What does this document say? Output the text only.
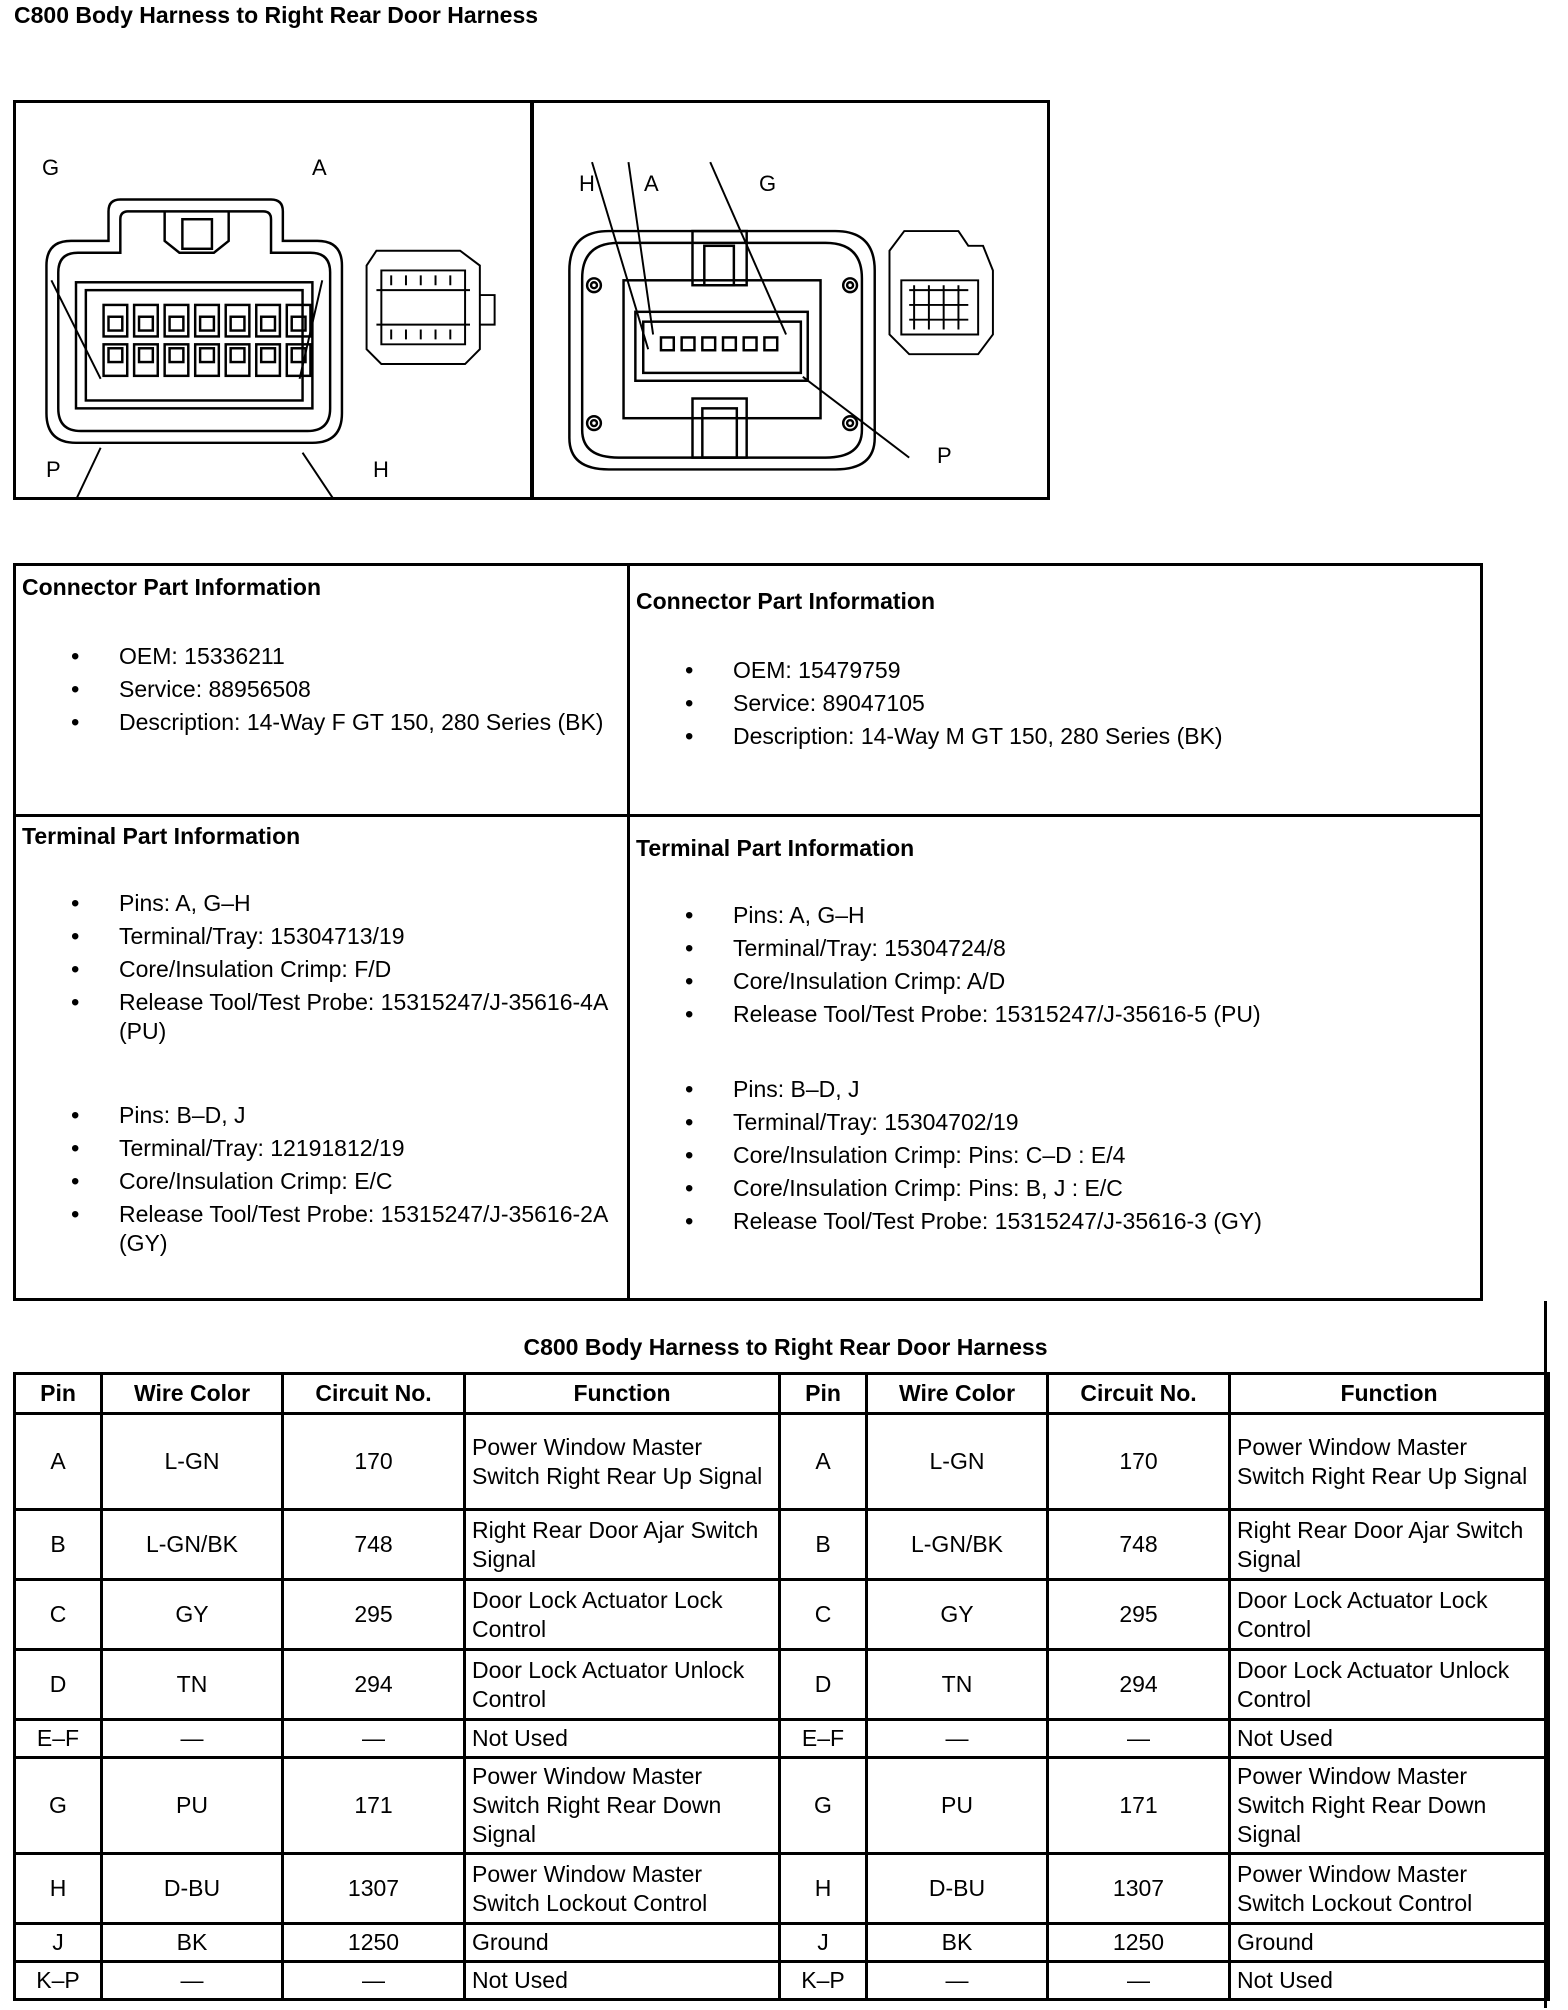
C800 Body Harness to Right Rear Door Harness
G	A
P	H
H A	G
P
Connector Part Information
• OEM: 15336211
• Service: 88956508
• Description: 14-Way F GT 150, 280 Series (BK)
Connector Part Information
• OEM: 15479759
• Service: 89047105
• Description: 14-Way M GT 150, 280 Series (BK)
Terminal Part Information
• Pins: A, G–H
• Terminal/Tray: 15304713/19
• Core/Insulation Crimp: F/D
• Release Tool/Test Probe: 15315247/J-35616-4A (PU)
• Pins: B–D, J
• Terminal/Tray: 12191812/19
• Core/Insulation Crimp: E/C
• Release Tool/Test Probe: 15315247/J-35616-2A (GY)
Terminal Part Information
• Pins: A, G–H
• Terminal/Tray: 15304724/8
• Core/Insulation Crimp: A/D
• Release Tool/Test Probe: 15315247/J-35616-5 (PU)
• Pins: B–D, J
• Terminal/Tray: 15304702/19
• Core/Insulation Crimp: Pins: C–D : E/4
• Core/Insulation Crimp: Pins: B, J : E/C
• Release Tool/Test Probe: 15315247/J-35616-3 (GY)
C800 Body Harness to Right Rear Door Harness
Pin	Wire Color	Circuit No.	Function	Pin	Wire Color	Circuit No.	Function
A	L-GN	170	Power Window Master Switch Right Rear Up Signal	A	L-GN	170	Power Window Master Switch Right Rear Up Signal
B	L-GN/BK	748	Right Rear Door Ajar Switch Signal	B	L-GN/BK	748	Right Rear Door Ajar Switch Signal
C	GY	295	Door Lock Actuator Lock Control	C	GY	295	Door Lock Actuator Lock Control
D	TN	294	Door Lock Actuator Unlock Control	D	TN	294	Door Lock Actuator Unlock Control
E–F	—	—	Not Used	E–F	—	—	Not Used
G	PU	171	Power Window Master Switch Right Rear Down Signal	G	PU	171	Power Window Master Switch Right Rear Down Signal
H	D-BU	1307	Power Window Master Switch Lockout Control	H	D-BU	1307	Power Window Master Switch Lockout Control
J	BK	1250	Ground	J	BK	1250	Ground
K–P	—	—	Not Used	K–P	—	—	Not Used
